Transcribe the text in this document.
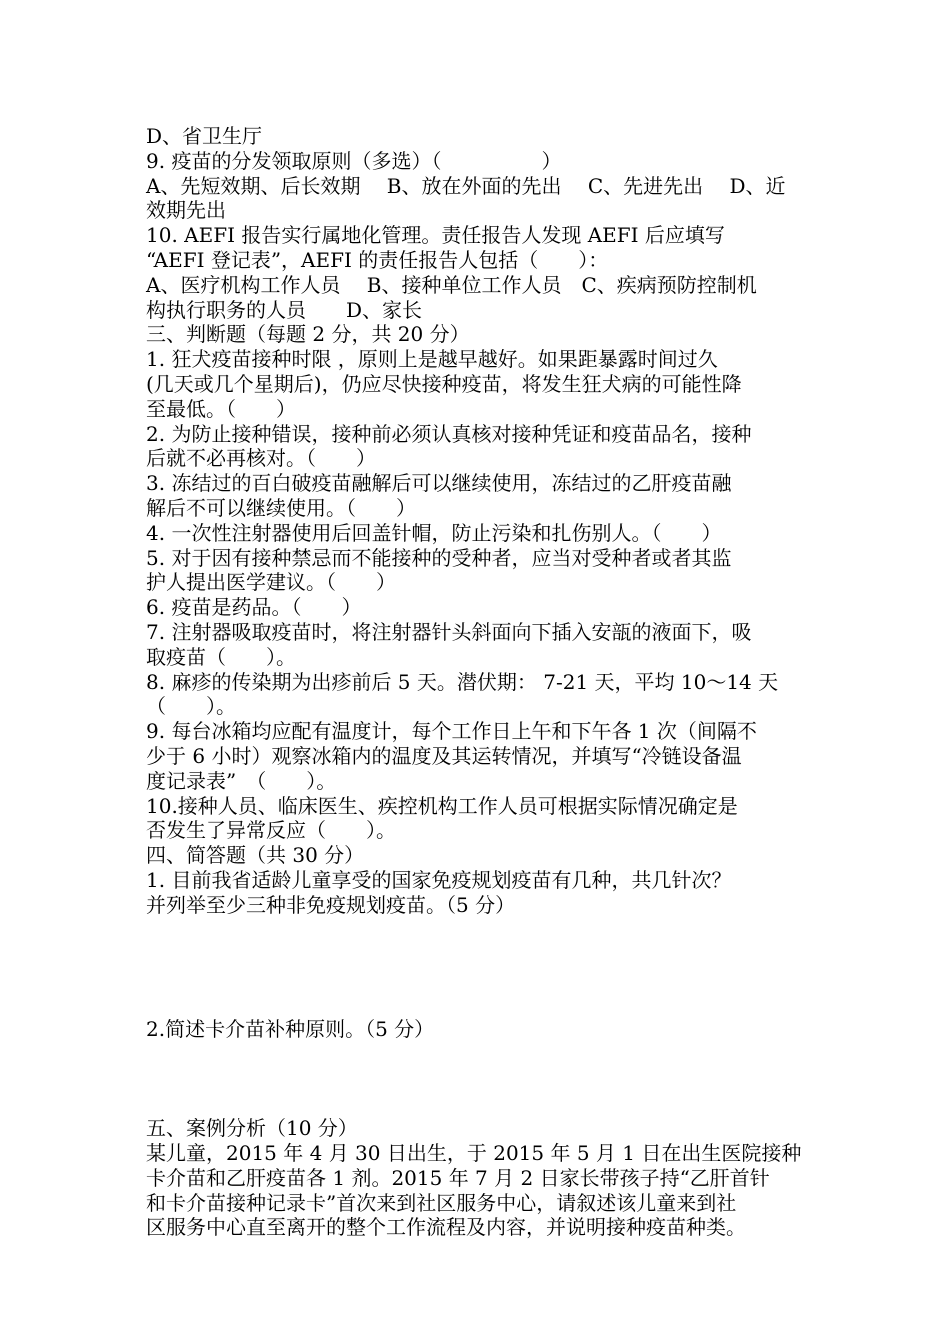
D、省卫生厅
9. 疫苗的分发领取原则（多选）（　　　　　）
A、先短效期、后长效期　 B、放在外面的先出　 C、先进先出　 D、近
效期先出
10. AEFI 报告实行属地化管理。责任报告人发现 AEFI 后应填写
“AEFI 登记表”，AEFI 的责任报告人包括（　　）：
A、医疗机构工作人员　 B、接种单位工作人员　C、疾病预防控制机
构执行职务的人员　　D、家长
三、判断题（每题 2 分，共 20 分）
1. 狂犬疫苗接种时限 ，原则上是越早越好。如果距暴露时间过久
(几天或几个星期后)，仍应尽快接种疫苗，将发生狂犬病的可能性降
至最低。（　　）
2. 为防止接种错误，接种前必须认真核对接种凭证和疫苗品名，接种
后就不必再核对。（　　）
3. 冻结过的百白破疫苗融解后可以继续使用，冻结过的乙肝疫苗融
解后不可以继续使用。（　　）
4. 一次性注射器使用后回盖针帽，防止污染和扎伤别人。（　　）
5. 对于因有接种禁忌而不能接种的受种者，应当对受种者或者其监
护人提出医学建议。（　　）
6. 疫苗是药品。（　　）
7. 注射器吸取疫苗时，将注射器针头斜面向下插入安瓿的液面下，吸
取疫苗（　　）。
8. 麻疹的传染期为出疹前后 5 天。潜伏期： 7-21 天，平均 10～14 天
（　　）。
9. 每台冰箱均应配有温度计，每个工作日上午和下午各 1 次（间隔不
少于 6 小时）观察冰箱内的温度及其运转情况，并填写“冷链设备温
度记录表”　（　　）。
10.接种人员、临床医生、疾控机构工作人员可根据实际情况确定是
否发生了异常反应（　　）。
四、简答题（共 30 分）
1. 目前我省适龄儿童享受的国家免疫规划疫苗有几种，共几针次？
并列举至少三种非免疫规划疫苗。（5 分）
2.简述卡介苗补种原则。（5 分）
五、案例分析（10 分）
某儿童，2015 年 4 月 30 日出生，于 2015 年 5 月 1 日在出生医院接种
卡介苗和乙肝疫苗各 1 剂。2015 年 7 月 2 日家长带孩子持“乙肝首针
和卡介苗接种记录卡”首次来到社区服务中心，请叙述该儿童来到社
区服务中心直至离开的整个工作流程及内容，并说明接种疫苗种类。
